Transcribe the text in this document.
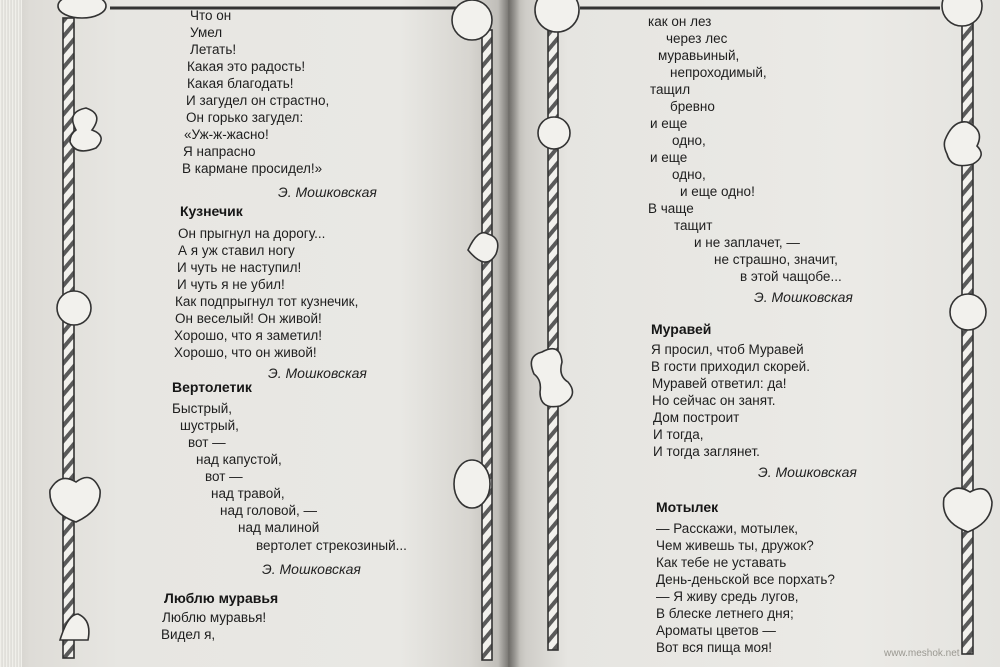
Что он
Умел
Летать!
Какая это радость!
Какая благодать!
И загудел он страстно,
Он горько загудел:
«Уж-ж-жасно!
Я напрасно
В кармане просидел!»
Э. Мошковская
Кузнечик
Он прыгнул на дорогу...
А я уж ставил ногу
И чуть не наступил!
И чуть я не убил!
Как подпрыгнул тот кузнечик,
Он веселый! Он живой!
Хорошо, что я заметил!
Хорошо, что он живой!
Э. Мошковская
Вертолетик
Быстрый,
шустрый,
вот —
над капустой,
вот —
над травой,
над головой, —
над малиной
вертолет стрекозиный...
Э. Мошковская
Люблю муравья
Люблю муравья!
Видел я,
как он лез
через лес
муравьиный,
непроходимый,
тащил
бревно
и еще
одно,
и еще
одно,
и еще одно!
В чаще
тащит
и не заплачет, —
не страшно, значит,
в этой чащобе...
Э. Мошковская
Муравей
Я просил, чтоб Муравей
В гости приходил скорей.
Муравей ответил: да!
Но сейчас он занят.
Дом построит
И тогда,
И тогда заглянет.
Э. Мошковская
Мотылек
— Расскажи, мотылек,
Чем живешь ты, дружок?
Как тебе не уставать
День-деньской все порхать?
— Я живу средь лугов,
В блеске летнего дня;
Ароматы цветов —
Вот вся пища моя!	www.meshok.net
